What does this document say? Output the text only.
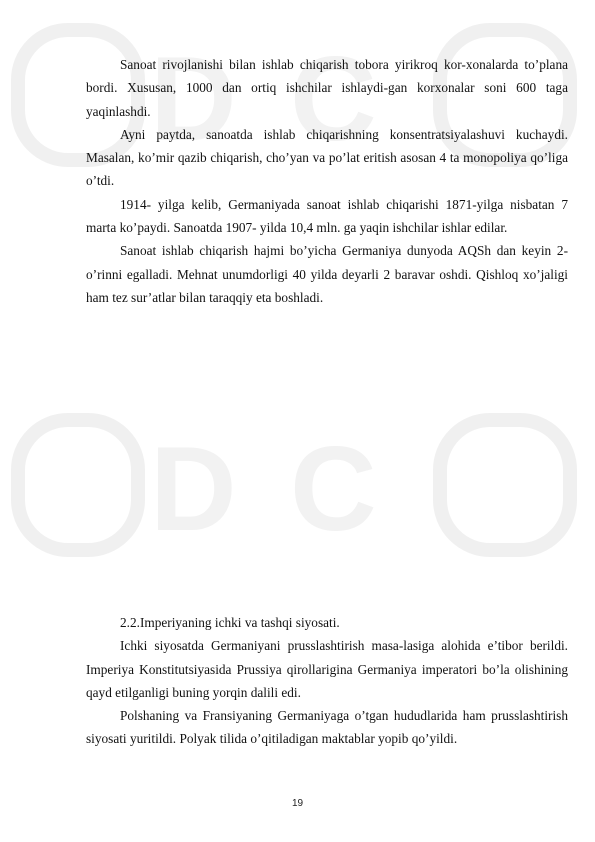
D C
D C

Sanoat rivojlanishi bilan ishlab chiqarish tobora yirikroq kor-xonalarda to’plana bordi. Xususan, 1000 dan ortiq ishchilar ishlaydi-gan korxonalar soni 600 taga yaqinlashdi.

Ayni paytda, sanoatda ishlab chiqarishning konsentratsiyalashuvi kuchaydi. Masalan, ko’mir qazib chiqarish, cho’yan va po’lat eritish asosan 4 ta monopoliya qo’liga o’tdi.

1914- yilga kelib, Germaniyada sanoat ishlab chiqarishi 1871-yilga nisbatan 7 marta ko’paydi. Sanoatda 1907- yilda 10,4 mln. ga yaqin ishchilar ishlar edilar.

Sanoat ishlab chiqarish hajmi bo’yicha Germaniya dunyoda AQSh dan keyin 2- o’rinni egalladi. Mehnat unumdorligi 40 yilda deyarli 2 baravar oshdi. Qishloq xo’jaligi ham tez sur’atlar bilan taraqqiy eta boshladi.

2.2.Imperiyaning ichki va tashqi siyosati.

Ichki siyosatda Germaniyani prusslashtirish masa-lasiga alohida e’tibor berildi. Imperiya Konstitutsiyasida Prussiya qirollarigina Germaniya imperatori bo’la olishining qayd etilganligi buning yorqin dalili edi.

Polshaning va Fransiyaning Germaniyaga o’tgan hududlarida ham prusslashtirish siyosati yuritildi. Polyak tilida o’qitiladigan maktablar yopib qo’yildi.

19
